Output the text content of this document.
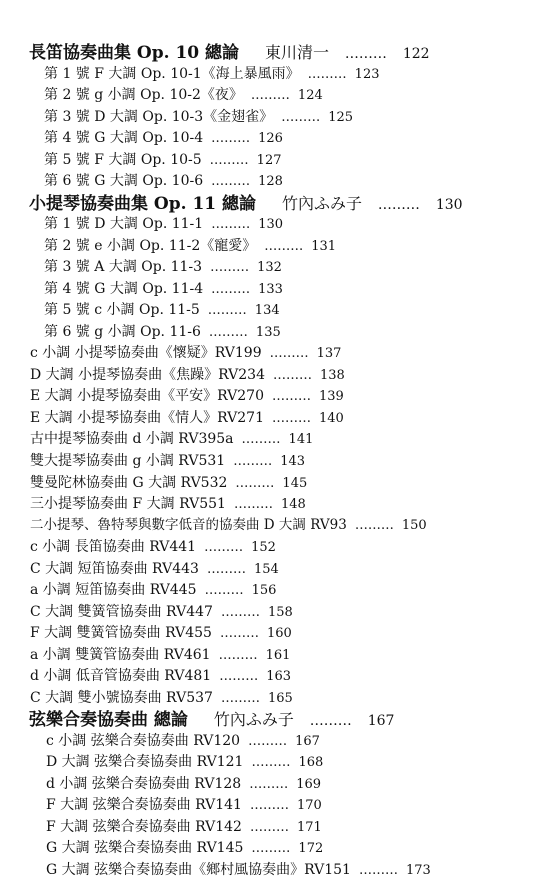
長笛協奏曲集 Op. 10 總論 東川清一 ……… 122
第 1 號 F 大調 Op. 10-1《海上暴風雨》 ……… 123
第 2 號 g 小調 Op. 10-2《夜》 ……… 124
第 3 號 D 大調 Op. 10-3《金翅雀》 ……… 125
第 4 號 G 大調 Op. 10-4 ……… 126
第 5 號 F 大調 Op. 10-5 ……… 127
第 6 號 G 大調 Op. 10-6 ……… 128
小提琴協奏曲集 Op. 11 總論 竹內ふみ子 ……… 130
第 1 號 D 大調 Op. 11-1 ……… 130
第 2 號 e 小調 Op. 11-2《寵愛》 ……… 131
第 3 號 A 大調 Op. 11-3 ……… 132
第 4 號 G 大調 Op. 11-4 ……… 133
第 5 號 c 小調 Op. 11-5 ……… 134
第 6 號 g 小調 Op. 11-6 ……… 135
c 小調 小提琴協奏曲《懷疑》RV199 ……… 137
D 大調 小提琴協奏曲《焦躁》RV234 ……… 138
E 大調 小提琴協奏曲《平安》RV270 ……… 139
E 大調 小提琴協奏曲《情人》RV271 ……… 140
古中提琴協奏曲 d 小調 RV395a ……… 141
雙大提琴協奏曲 g 小調 RV531 ……… 143
雙曼陀林協奏曲 G 大調 RV532 ……… 145
三小提琴協奏曲 F 大調 RV551 ……… 148
二小提琴、魯特琴與數字低音的協奏曲 D 大調 RV93 ……… 150
c 小調 長笛協奏曲 RV441 ……… 152
C 大調 短笛協奏曲 RV443 ……… 154
a 小調 短笛協奏曲 RV445 ……… 156
C 大調 雙簧管協奏曲 RV447 ……… 158
F 大調 雙簧管協奏曲 RV455 ……… 160
a 小調 雙簧管協奏曲 RV461 ……… 161
d 小調 低音管協奏曲 RV481 ……… 163
C 大調 雙小號協奏曲 RV537 ……… 165
弦樂合奏協奏曲 總論 竹內ふみ子 ……… 167
c 小調 弦樂合奏協奏曲 RV120 ……… 167
D 大調 弦樂合奏協奏曲 RV121 ……… 168
d 小調 弦樂合奏協奏曲 RV128 ……… 169
F 大調 弦樂合奏協奏曲 RV141 ……… 170
F 大調 弦樂合奏協奏曲 RV142 ……… 171
G 大調 弦樂合奏協奏曲 RV145 ……… 172
G 大調 弦樂合奏協奏曲《鄉村風協奏曲》RV151 ……… 173
